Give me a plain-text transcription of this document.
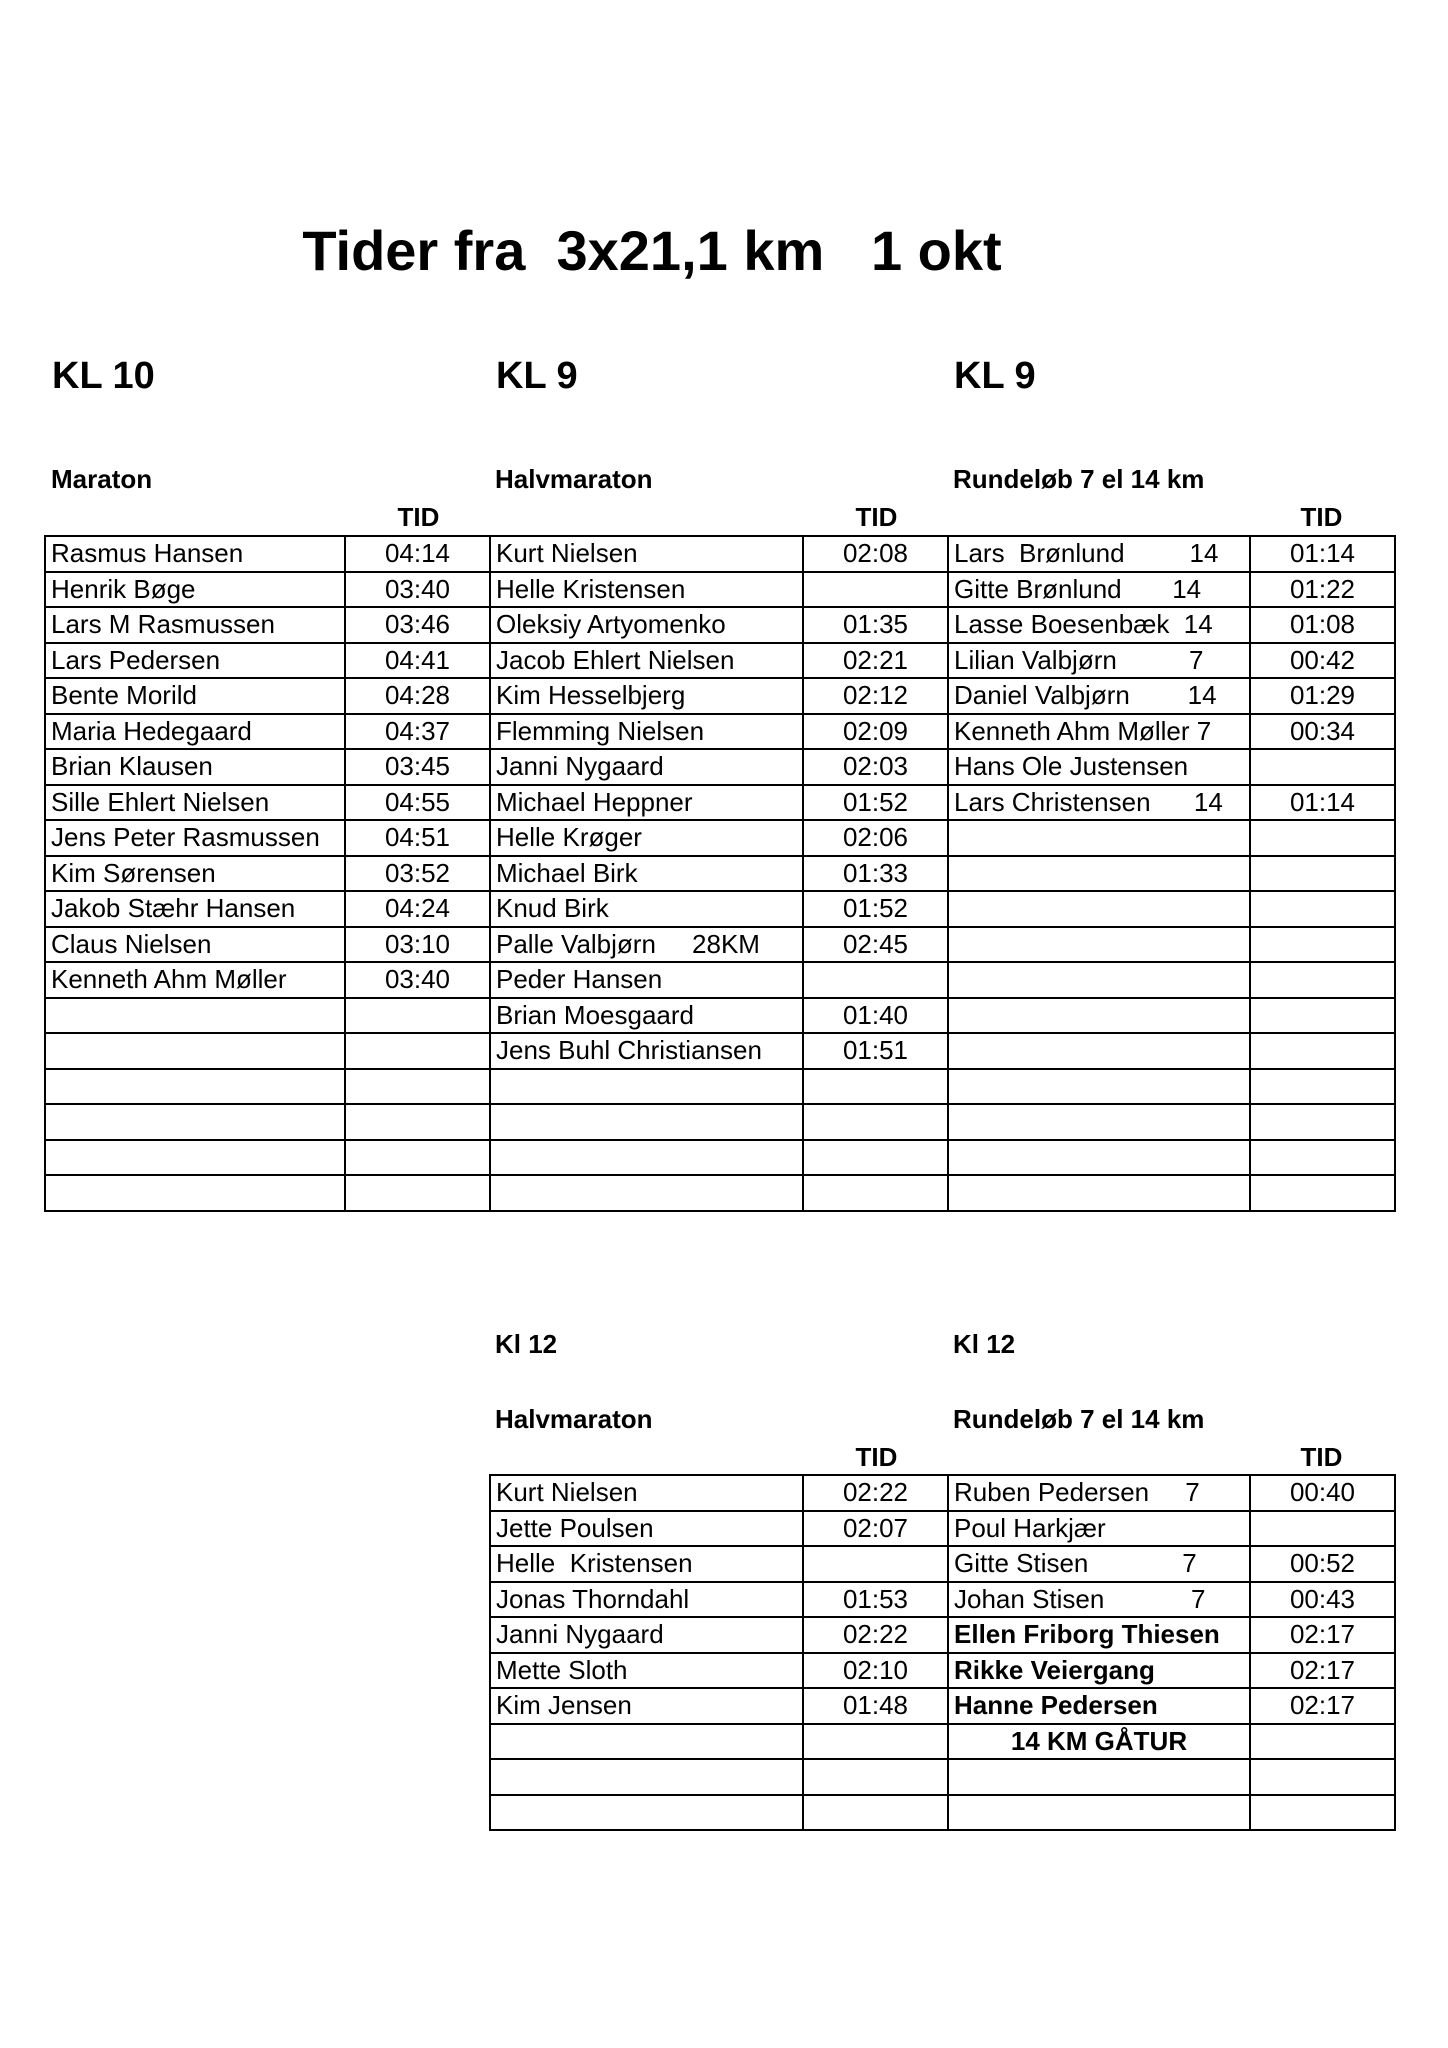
Tider fra  3x21,1 km   1 okt
KL 10	KL 9	KL 9
Maraton	Halvmaraton	Rundeløb 7 el 14 km
TID	TID	TID
Rasmus Hansen	04:14	Kurt Nielsen	02:08	Lars  Brønlund         14	01:14
Henrik Bøge	03:40	Helle Kristensen		Gitte Brønlund       14	01:22
Lars M Rasmussen	03:46	Oleksiy Artyomenko	01:35	Lasse Boesenbæk  14	01:08
Lars Pedersen	04:41	Jacob Ehlert Nielsen	02:21	Lilian Valbjørn          7	00:42
Bente Morild	04:28	Kim Hesselbjerg	02:12	Daniel Valbjørn        14	01:29
Maria Hedegaard	04:37	Flemming Nielsen	02:09	Kenneth Ahm Møller 7	00:34
Brian Klausen	03:45	Janni Nygaard	02:03	Hans Ole Justensen	
Sille Ehlert Nielsen	04:55	Michael Heppner	01:52	Lars Christensen      14	01:14
Jens Peter Rasmussen	04:51	Helle Krøger	02:06		
Kim Sørensen	03:52	Michael Birk	01:33		
Jakob Stæhr Hansen	04:24	Knud Birk	01:52		
Claus Nielsen	03:10	Palle Valbjørn     28KM	02:45		
Kenneth Ahm Møller	03:40	Peder Hansen			
		Brian Moesgaard	01:40		
		Jens Buhl Christiansen	01:51		

Kl 12	Kl 12
Halvmaraton	Rundeløb 7 el 14 km
TID	TID
Kurt Nielsen	02:22	Ruben Pedersen     7	00:40
Jette Poulsen	02:07	Poul Harkjær	
Helle  Kristensen		Gitte Stisen             7	00:52
Jonas Thorndahl	01:53	Johan Stisen            7	00:43
Janni Nygaard	02:22	Ellen Friborg Thiesen	02:17
Mette Sloth	02:10	Rikke Veiergang	02:17
Kim Jensen	01:48	Hanne Pedersen	02:17
		14 KM GÅTUR	
